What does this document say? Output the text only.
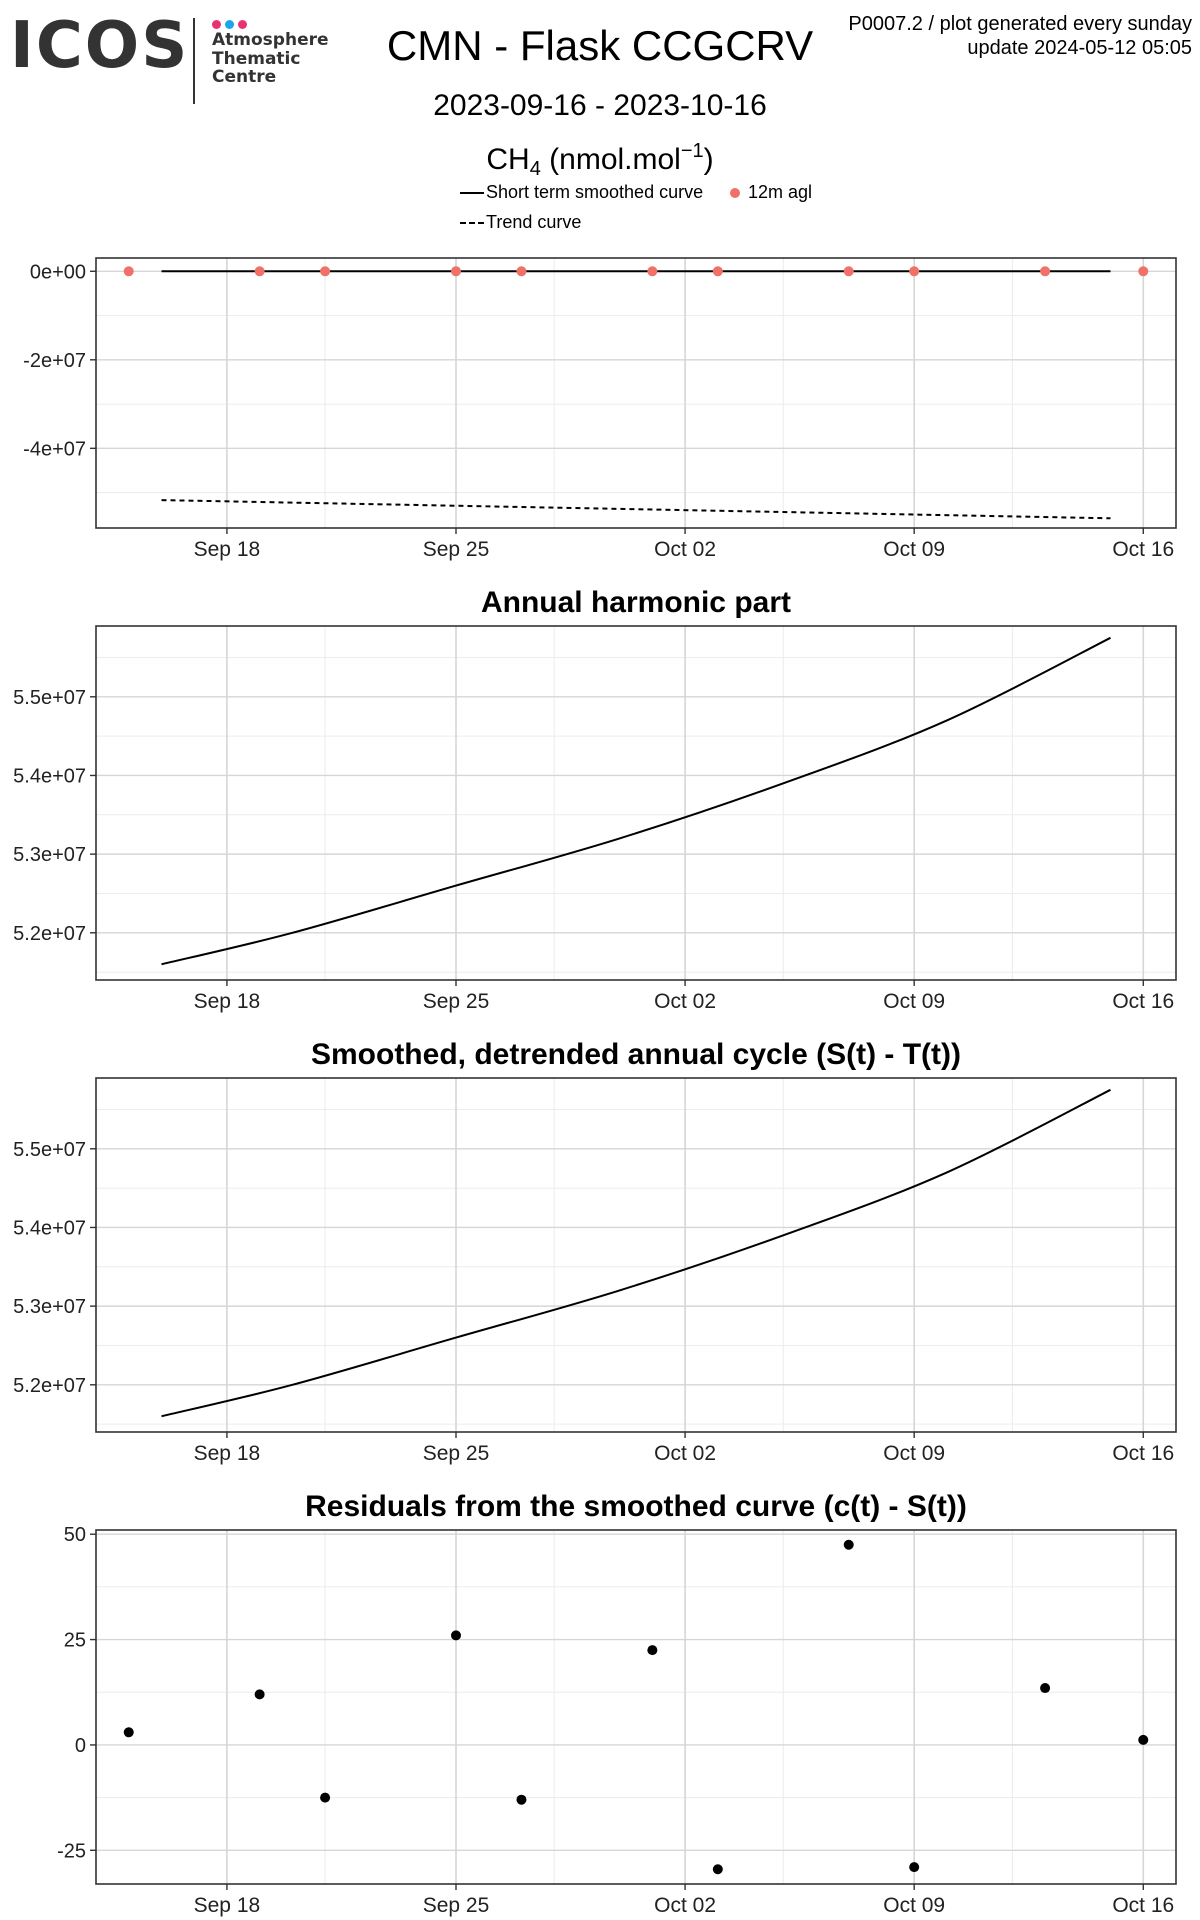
ICOS Atmosphere
Thematic
Centre
CMN - Flask CCGCRV
2023-09-16 - 2023-10-16
$CH_4$ (nmol.mol$^{-1}$)
P0007.2 / plot generated every sunday
update 2024-05-12 05:05
Short term smoothed curve	12m agl
Trend curve
0e+00
-2e+07
-4e+07
Sep 18	Sep 25	Oct 02	Oct 09	Oct 16
Annual harmonic part
5.2e+07
5.3e+07
5.4e+07
5.5e+07
Sep 18	Sep 25	Oct 02	Oct 09	Oct 16
Smoothed, detrended annual cycle (S(t) - T(t))
5.2e+07
5.3e+07
5.4e+07
5.5e+07
Sep 18	Sep 25	Oct 02	Oct 09	Oct 16
Residuals from the smoothed curve (c(t) - S(t))
50
25
0
-25
Sep 18	Sep 25	Oct 02	Oct 09	Oct 16
